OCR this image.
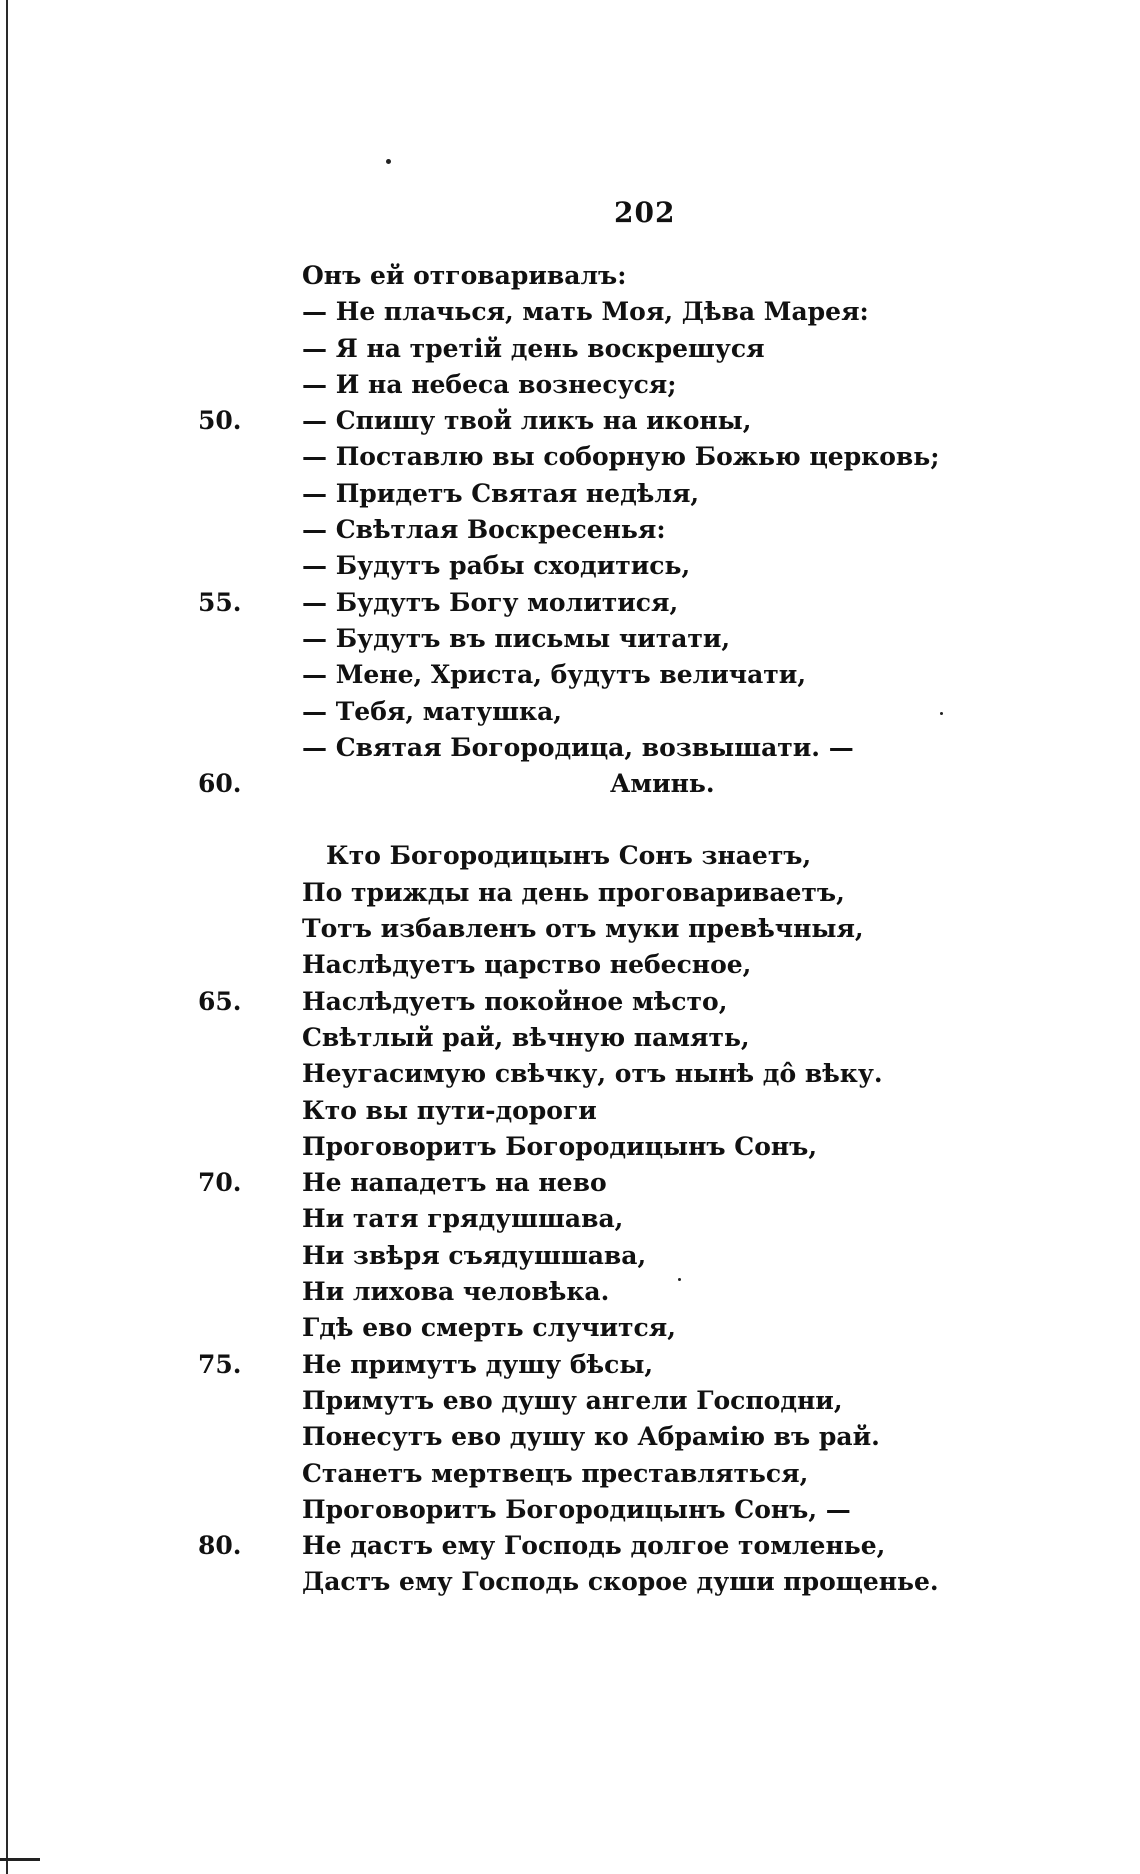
202
Онъ ей отговаривалъ:
— Не плачься, мать Моя, Дѣва Марея:
— Я на третій день воскрешуся
— И на небеса вознесуся;
50. — Спишу твой ликъ на иконы,
— Поставлю вы соборную Божью церковь;
— Придетъ Святая недѣля,
— Свѣтлая Воскресенья:
— Будутъ рабы сходитись,
55. — Будутъ Богу молитися,
— Будутъ въ письмы читати,
— Мене, Христа, будутъ величати,
— Тебя, матушка,
— Святая Богородица, возвышати. —
60.	Аминь.
Кто Богородицынъ Сонъ знаетъ,
По трижды на день проговариваетъ,
Тотъ избавленъ отъ муки превѣчныя,
Наслѣдуетъ царство небесное,
65. Наслѣдуетъ покойное мѣсто,
Свѣтлый рай, вѣчную память,
Неугасимую свѣчку, отъ нынѣ до̂ вѣку.
Кто вы пути-дороги
Проговоритъ Богородицынъ Сонъ,
70. Не нападетъ на нево
Ни татя грядушшава,
Ни звѣря съядушшава,
Ни лихова человѣка.
Гдѣ ево смерть случится,
75. Не примутъ душу бѣсы,
Примутъ ево душу ангели Господни,
Понесутъ ево душу ко Абрамію въ рай.
Станетъ мертвецъ преставляться,
Проговоритъ Богородицынъ Сонъ, —
80. Не дастъ ему Господь долгое томленье,
Дастъ ему Господь скорое души прощенье.
